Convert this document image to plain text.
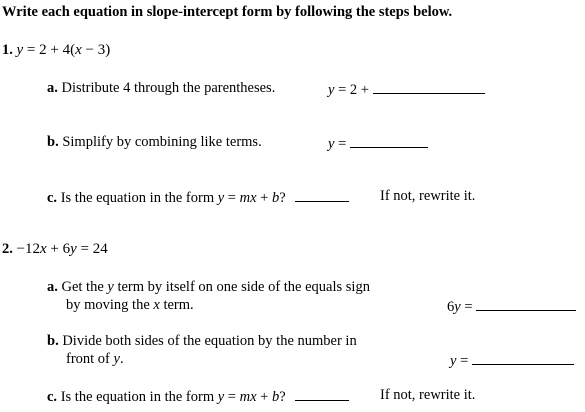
Write each equation in slope-intercept form by following the steps below.
1. y = 2 + 4(x − 3)
a. Distribute 4 through the parentheses.	y = 2 +
b. Simplify by combining like terms.	y =
c. Is the equation in the form y = mx + b?	If not, rewrite it.
2. −12x + 6y = 24
a. Get the y term by itself on one side of the equals sign
by moving the x term.	6y =
b. Divide both sides of the equation by the number in
front of y.	y =
c. Is the equation in the form y = mx + b?	If not, rewrite it.
